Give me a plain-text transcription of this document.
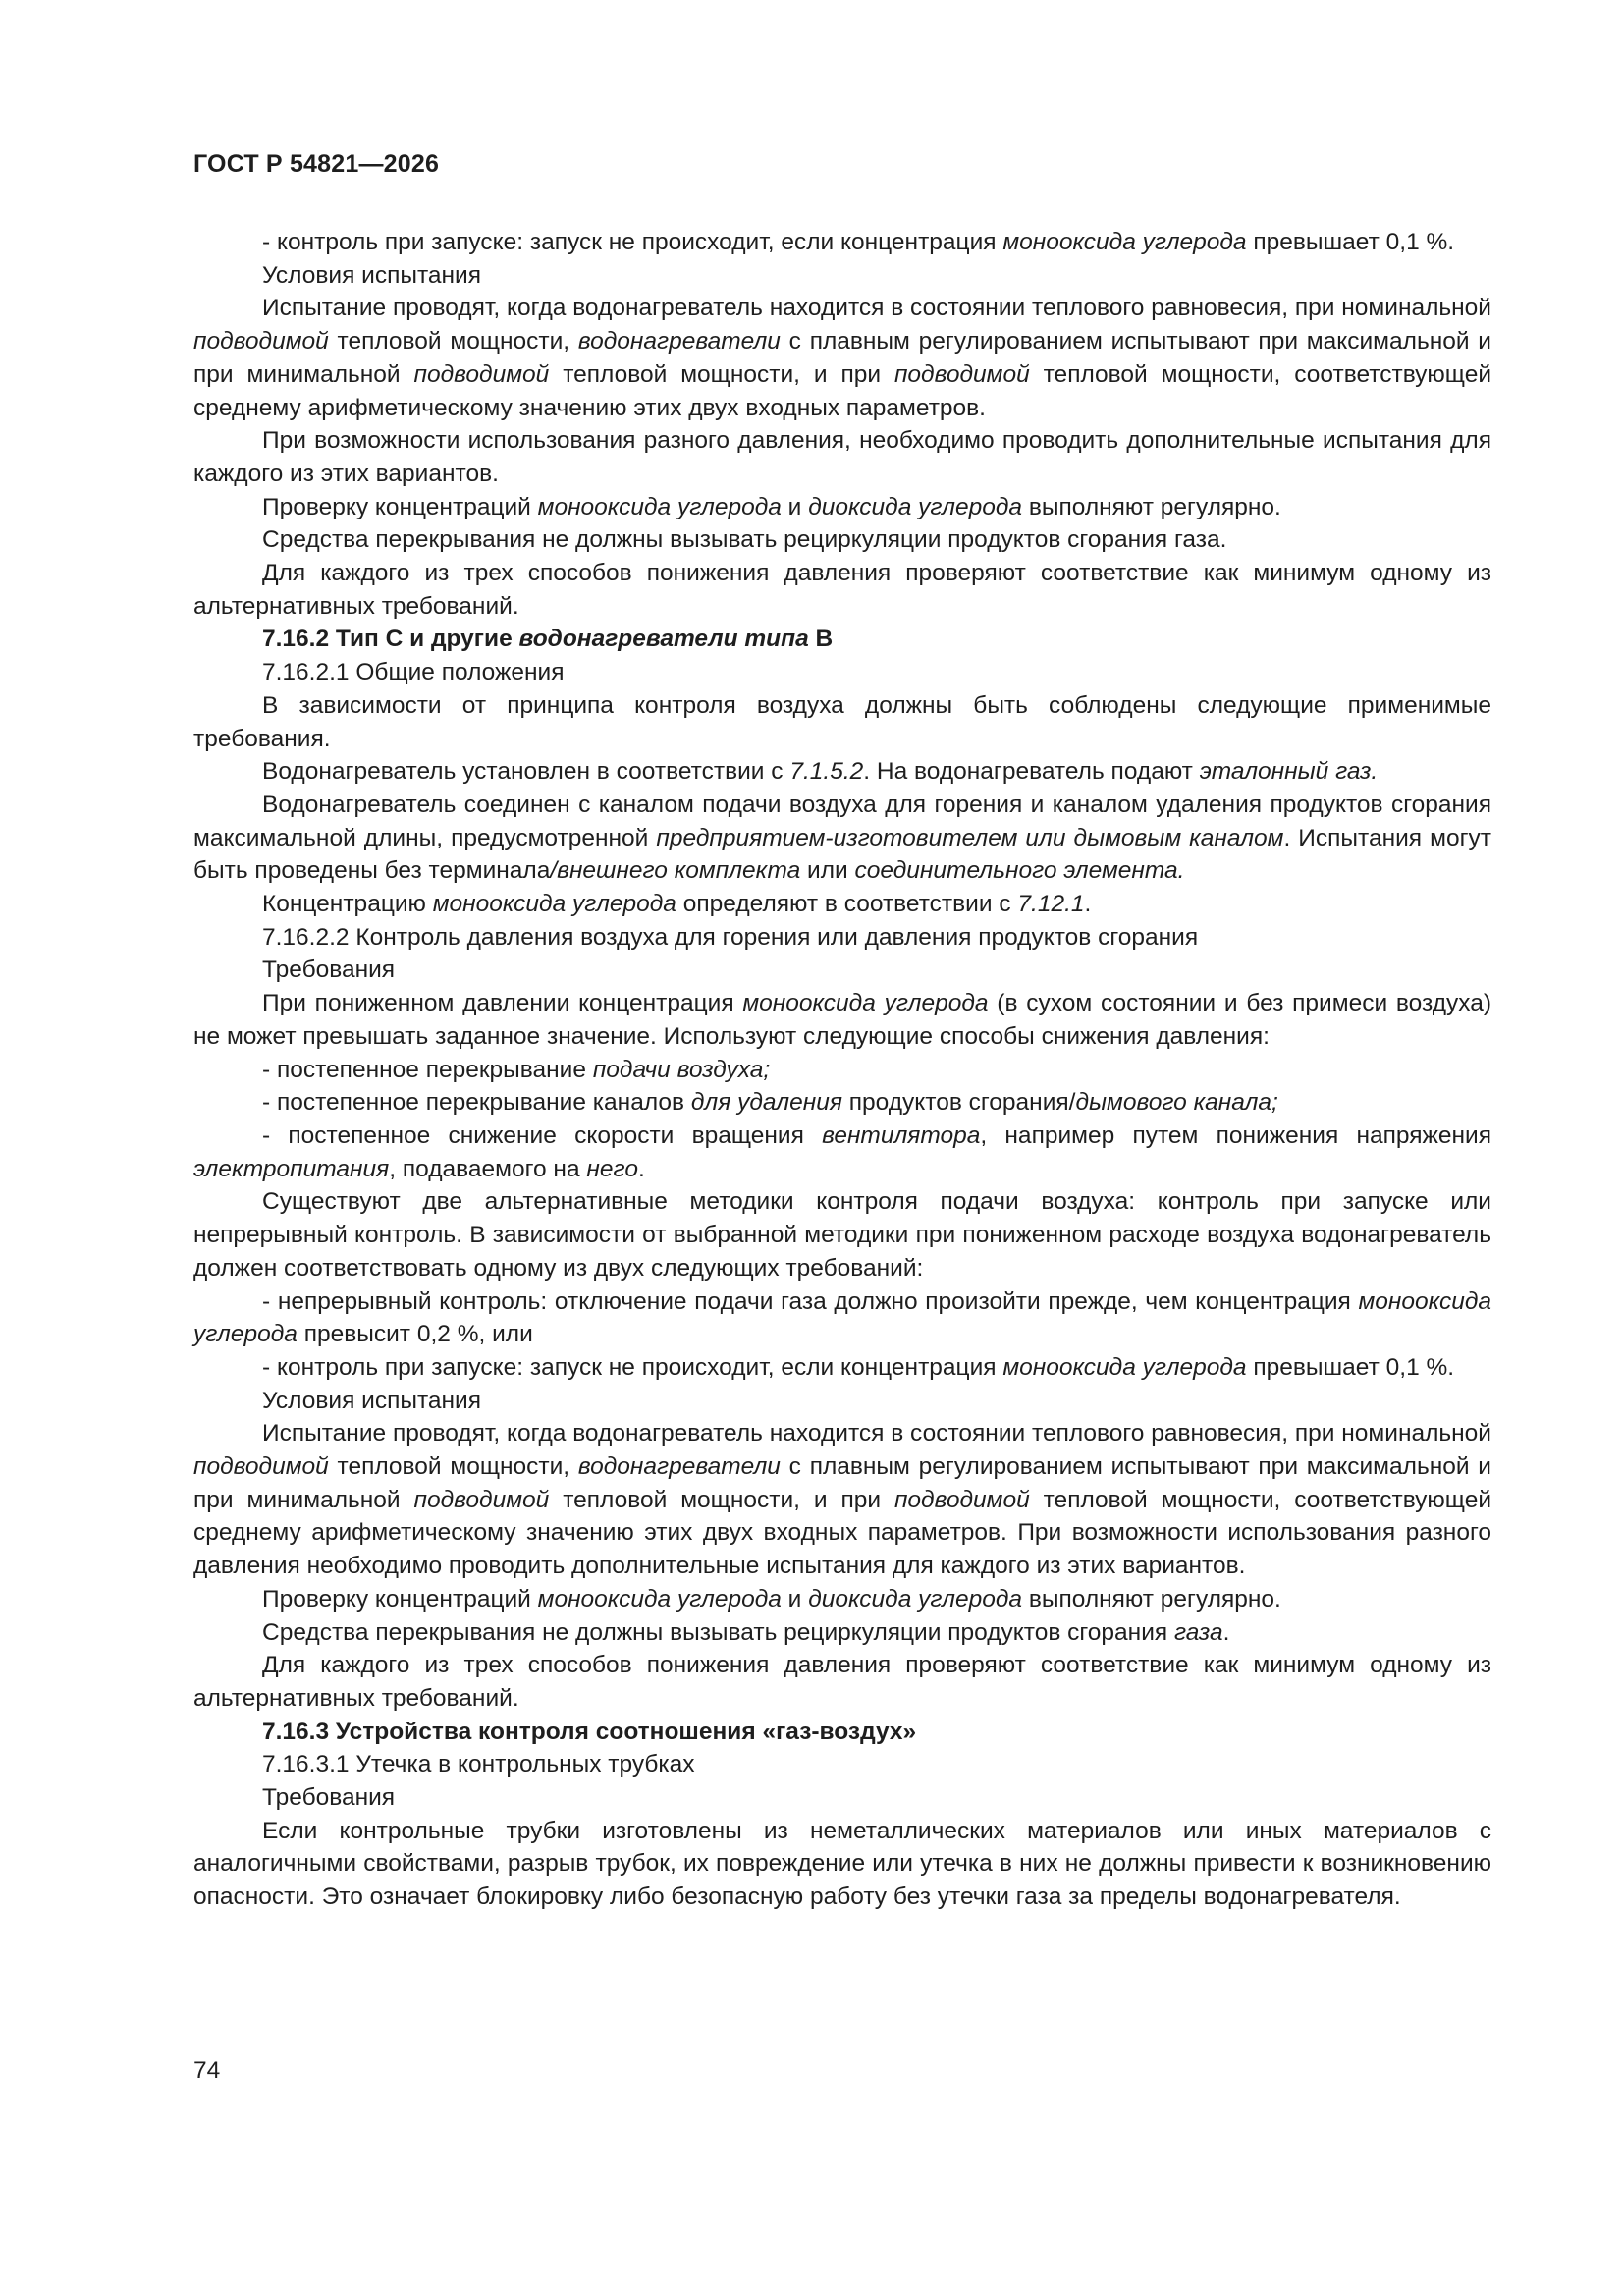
ГОСТ Р 54821—2026

- контроль при запуске: запуск не происходит, если концентрация монооксида углерода превышает 0,1 %.

Условия испытания

Испытание проводят, когда водонагреватель находится в состоянии теплового равновесия, при номинальной подводимой тепловой мощности, водонагреватели с плавным регулированием испытывают при максимальной и при минимальной подводимой тепловой мощности, и при подводимой тепловой мощности, соответствующей среднему арифметическому значению этих двух входных параметров.

При возможности использования разного давления, необходимо проводить дополнительные испытания для каждого из этих вариантов.

Проверку концентраций монооксида углерода и диоксида углерода выполняют регулярно.

Средства перекрывания не должны вызывать рециркуляции продуктов сгорания газа.

Для каждого из трех способов понижения давления проверяют соответствие как минимум одному из альтернативных требований.

7.16.2 Тип С и другие водонагреватели типа В

7.16.2.1 Общие положения

В зависимости от принципа контроля воздуха должны быть соблюдены следующие применимые требования.

Водонагреватель установлен в соответствии с 7.1.5.2. На водонагреватель подают эталонный газ.

Водонагреватель соединен с каналом подачи воздуха для горения и каналом удаления продуктов сгорания максимальной длины, предусмотренной предприятием-изготовителем или дымовым каналом. Испытания могут быть проведены без терминала/внешнего комплекта или соединительного элемента.

Концентрацию монооксида углерода определяют в соответствии с 7.12.1.

7.16.2.2 Контроль давления воздуха для горения или давления продуктов сгорания

Требования

При пониженном давлении концентрация монооксида углерода (в сухом состоянии и без примеси воздуха) не может превышать заданное значение. Используют следующие способы снижения давления:

- постепенное перекрывание подачи воздуха;

- постепенное перекрывание каналов для удаления продуктов сгорания/дымового канала;

- постепенное снижение скорости вращения вентилятора, например путем понижения напряжения электропитания, подаваемого на него.

Существуют две альтернативные методики контроля подачи воздуха: контроль при запуске или непрерывный контроль. В зависимости от выбранной методики при пониженном расходе воздуха водонагреватель должен соответствовать одному из двух следующих требований:

- непрерывный контроль: отключение подачи газа должно произойти прежде, чем концентрация монооксида углерода превысит 0,2 %, или

- контроль при запуске: запуск не происходит, если концентрация монооксида углерода превышает 0,1 %.

Условия испытания

Испытание проводят, когда водонагреватель находится в состоянии теплового равновесия, при номинальной подводимой тепловой мощности, водонагреватели с плавным регулированием испытывают при максимальной и при минимальной подводимой тепловой мощности, и при подводимой тепловой мощности, соответствующей среднему арифметическому значению этих двух входных параметров. При возможности использования разного давления необходимо проводить дополнительные испытания для каждого из этих вариантов.

Проверку концентраций монооксида углерода и диоксида углерода выполняют регулярно.

Средства перекрывания не должны вызывать рециркуляции продуктов сгорания газа.

Для каждого из трех способов понижения давления проверяют соответствие как минимум одному из альтернативных требований.

7.16.3 Устройства контроля соотношения «газ-воздух»

7.16.3.1 Утечка в контрольных трубках

Требования

Если контрольные трубки изготовлены из неметаллических материалов или иных материалов с аналогичными свойствами, разрыв трубок, их повреждение или утечка в них не должны привести к возникновению опасности. Это означает блокировку либо безопасную работу без утечки газа за пределы водонагревателя.

74
